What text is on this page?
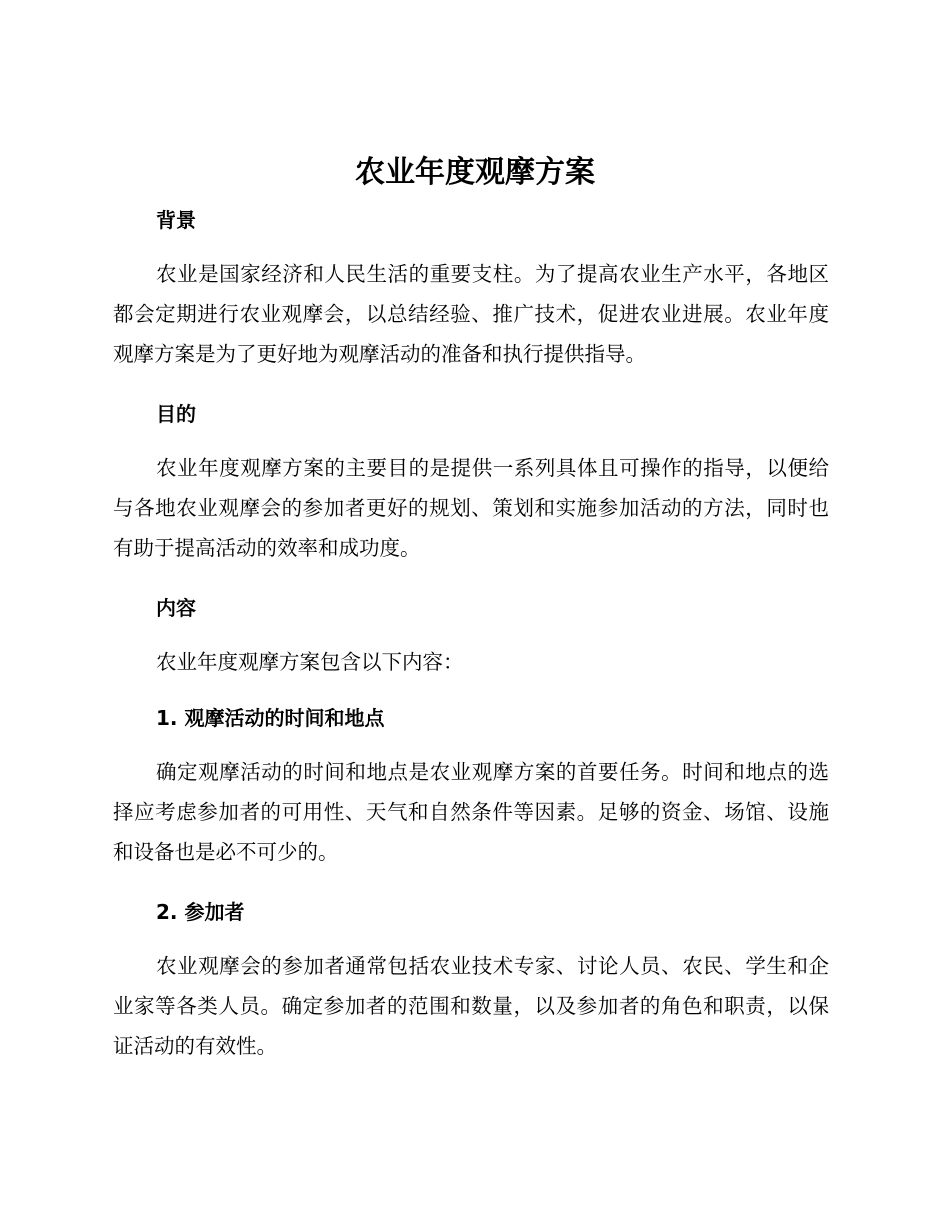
农业年度观摩方案
背景

农业是国家经济和人民生活的重要支柱。为了提高农业生产水平，各地区都会定期进行农业观摩会，以总结经验、推广技术，促进农业进展。农业年度观摩方案是为了更好地为观摩活动的准备和执行提供指导。

目的

农业年度观摩方案的主要目的是提供一系列具体且可操作的指导，以便给与各地农业观摩会的参加者更好的规划、策划和实施参加活动的方法，同时也有助于提高活动的效率和成功度。

内容

农业年度观摩方案包含以下内容：

1. 观摩活动的时间和地点

确定观摩活动的时间和地点是农业观摩方案的首要任务。时间和地点的选择应考虑参加者的可用性、天气和自然条件等因素。足够的资金、场馆、设施和设备也是必不可少的。

2. 参加者

农业观摩会的参加者通常包括农业技术专家、讨论人员、农民、学生和企业家等各类人员。确定参加者的范围和数量，以及参加者的角色和职责，以保证活动的有效性。
